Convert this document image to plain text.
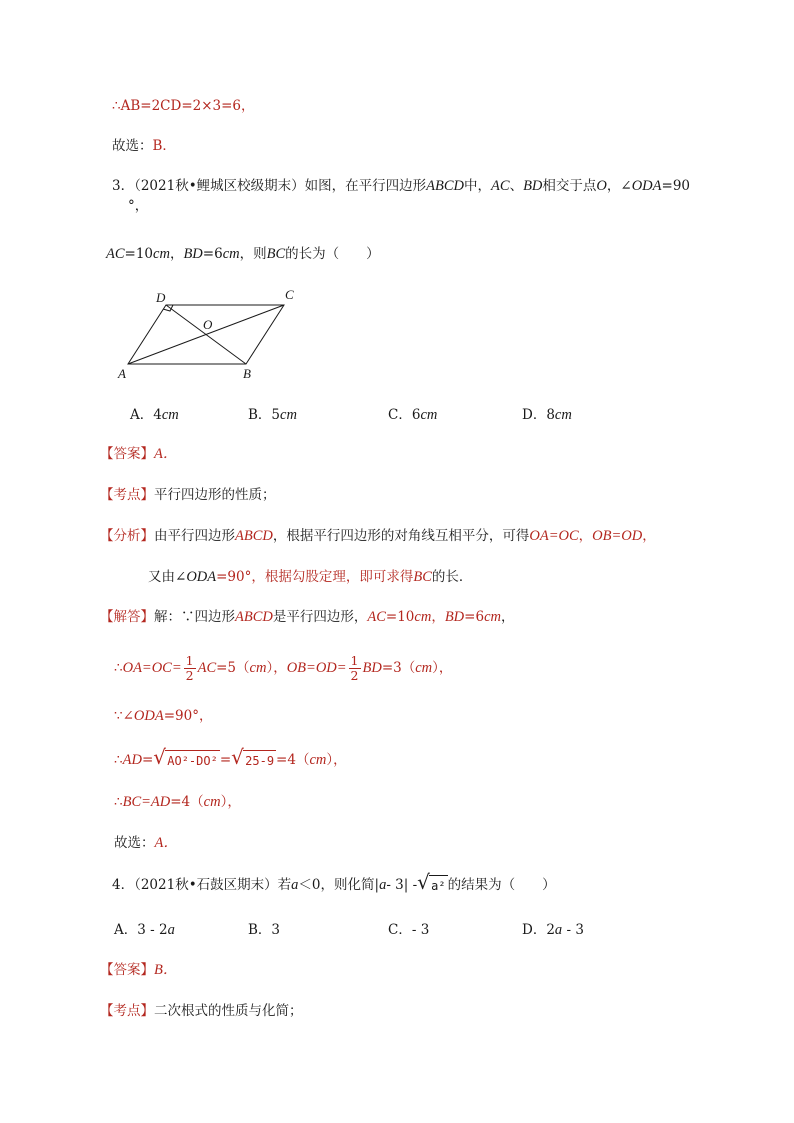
∴AB=2CD=2×3=6，
故选：B．
3．（2021秋•鲤城区校级期末）如图，在平行四边形ABCD中，AC、BD相交于点O，∠ODA=90
°，
AC=10cm，BD=6cm，则BC的长为（　　）
D	C
O
A	B
A．4cm	B．5cm	C．6cm	D．8cm
【答案】A．
【考点】平行四边形的性质；
【分析】由平行四边形ABCD，根据平行四边形的对角线互相平分，可得OA=OC，OB=OD，
又由∠ODA=90°，根据勾股定理，即可求得BC的长．
【解答】解：∵四边形ABCD是平行四边形，AC=10cm，BD=6cm，
∴OA=OC= $\frac{1}{2} AC=5(cm)$，$OB=OD= \frac{1}{2} BD=3(cm)$，
∵∠ODA=90°，
∴AD= √ AO²-DO² = √ 25-9 =4（cm），
∴BC=AD=4（cm），
故选：A．
4．（2021秋•石鼓区期末）若a＜0，则化简|a- 3| - √ a² 的结果为（　　）
A．3 - 2a	B．3	C．- 3	D．2a - 3
【答案】B．
【考点】二次根式的性质与化简；
